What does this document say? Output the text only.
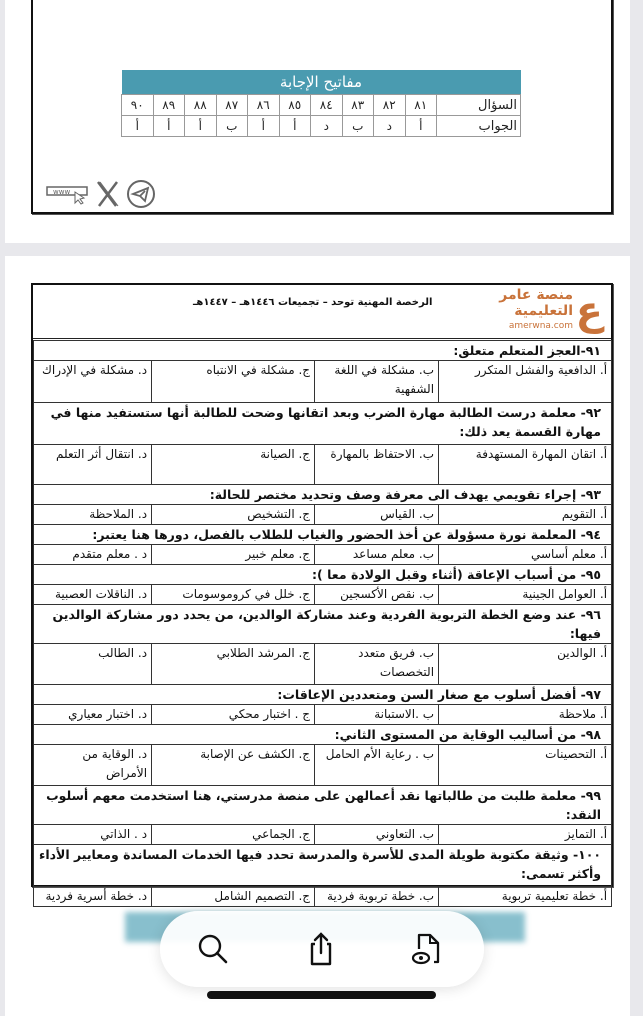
مفاتيح الإجابة										
السؤال	٨١	٨٢	٨٣	٨٤	٨٥	٨٦	٨٧	٨٨	٨٩	٩٠
الجواب	أ	د	ب	د	أ	أ	ب	أ	أ	أ
www
ع
منصة عامر
التعليمية
amerwna.com
الرخصة المهنية توحد – تجميعات ١٤٤٦هـ – ١٤٤٧هـ
٩١-العجز المتعلم متعلق:			
أ. الدافعية والفشل المتكرر	ب. مشكلة في اللغة الشفهية	ج. مشكلة في الانتباه	د. مشكلة في الإدراك
٩٢- معلمة درست الطالبة مهارة الضرب وبعد اتقانها وضحت للطالبة أنها ستستفيد منها في مهارة القسمة يعد ذلك:			
أ. اتقان المهارة المستهدفة	ب. الاحتفاظ بالمهارة	ج. الصيانة	د. انتقال أثر التعلم
٩٣- إجراء تقويمي يهدف الى معرفة وصف وتحديد مختصر للحالة:			
أ. التقويم	ب. القياس	ج. التشخيص	د. الملاحظة
٩٤- المعلمة نورة مسؤولة عن أخذ الحضور والغياب للطلاب بالفصل، دورها هنا يعتبر:			
أ. معلم أساسي	ب. معلم مساعد	ج. معلم خبير	د . معلم متقدم
٩٥- من أسباب الإعاقة (أثناء وقبل الولادة معا ):			
أ. العوامل الجينية	ب. نقص الأكسجين	ج. خلل في كروموسومات	د. الناقلات العصبية
٩٦- عند وضع الخطة التربوية الفردية وعند مشاركة الوالدين، من يحدد دور مشاركة الوالدين فيها:			
أ. الوالدين	ب. فريق متعدد التخصصات	ج. المرشد الطلابي	د. الطالب
٩٧- أفضل أسلوب مع صغار السن ومتعددين الإعاقات:			
أ. ملاحظة	ب .الاستبانة	ج . اختبار محكي	د. اختبار معياري
٩٨- من أساليب الوقاية من المستوى الثاني:			
أ. التحصينات	ب . رعاية الأم الحامل	ج. الكشف عن الإصابة	د. الوقاية من الأمراض
٩٩- معلمة طلبت من طالباتها نقد أعمالهن على منصة مدرستي، هنا استخدمت معهم أسلوب النقد:			
أ. التمايز	ب. التعاوني	ج. الجماعي	د . الذاتي
١٠٠- وثيقة مكتوبة طويلة المدى للأسرة والمدرسة تحدد فيها الخدمات المساندة ومعايير الأداء وأكثر تسمى:			
أ. خطة تعليمية تربوية	ب. خطة تربوية فردية	ج. التصميم الشامل	د. خطة أسرية فردية
